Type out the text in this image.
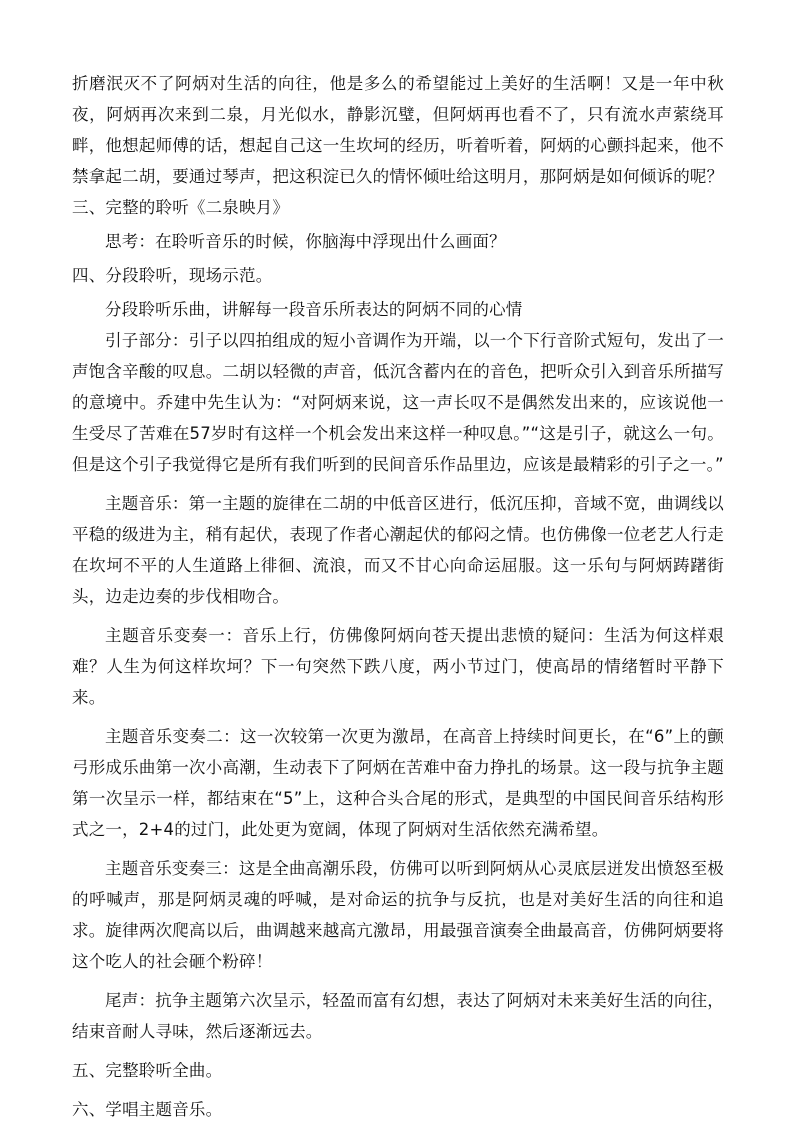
折磨泯灭不了阿炳对生活的向往，他是多么的希望能过上美好的生活啊！又是一年中秋夜，阿炳再次来到二泉，月光似水，静影沉璧，但阿炳再也看不了，只有流水声萦绕耳畔，他想起师傅的话，想起自己这一生坎坷的经历，听着听着，阿炳的心颤抖起来，他不禁拿起二胡，要通过琴声，把这积淀已久的情怀倾吐给这明月，那阿炳是如何倾诉的呢？

三、完整的聆听《二泉映月》

思考：在聆听音乐的时候，你脑海中浮现出什么画面？

四、分段聆听，现场示范。

分段聆听乐曲，讲解每一段音乐所表达的阿炳不同的心情

引子部分：引子以四拍组成的短小音调作为开端，以一个下行音阶式短句，发出了一声饱含辛酸的叹息。二胡以轻微的声音，低沉含蓄内在的音色，把听众引入到音乐所描写的意境中。乔建中先生认为：“对阿炳来说，这一声长叹不是偶然发出来的，应该说他一生受尽了苦难在57岁时有这样一个机会发出来这样一种叹息。”“这是引子，就这么一句。但是这个引子我觉得它是所有我们听到的民间音乐作品里边，应该是最精彩的引子之一。”

主题音乐：第一主题的旋律在二胡的中低音区进行，低沉压抑，音域不宽，曲调线以平稳的级进为主，稍有起伏，表现了作者心潮起伏的郁闷之情。也仿佛像一位老艺人行走在坎坷不平的人生道路上徘徊、流浪，而又不甘心向命运屈服。这一乐句与阿炳踌躇街头，边走边奏的步伐相吻合。

主题音乐变奏一：音乐上行，仿佛像阿炳向苍天提出悲愤的疑问：生活为何这样艰难？人生为何这样坎坷？下一句突然下跌八度，两小节过门，使高昂的情绪暂时平静下来。

主题音乐变奏二：这一次较第一次更为激昂，在高音上持续时间更长，在“6”上的颤弓形成乐曲第一次小高潮，生动表下了阿炳在苦难中奋力挣扎的场景。这一段与抗争主题第一次呈示一样，都结束在“5”上，这种合头合尾的形式，是典型的中国民间音乐结构形式之一，2+4的过门，此处更为宽阔，体现了阿炳对生活依然充满希望。

主题音乐变奏三：这是全曲高潮乐段，仿佛可以听到阿炳从心灵底层迸发出愤怒至极的呼喊声，那是阿炳灵魂的呼喊，是对命运的抗争与反抗，也是对美好生活的向往和追求。旋律两次爬高以后，曲调越来越高亢激昂，用最强音演奏全曲最高音，仿佛阿炳要将这个吃人的社会砸个粉碎！

尾声：抗争主题第六次呈示，轻盈而富有幻想，表达了阿炳对未来美好生活的向往，结束音耐人寻味，然后逐渐远去。

五、完整聆听全曲。

六、学唱主题音乐。
